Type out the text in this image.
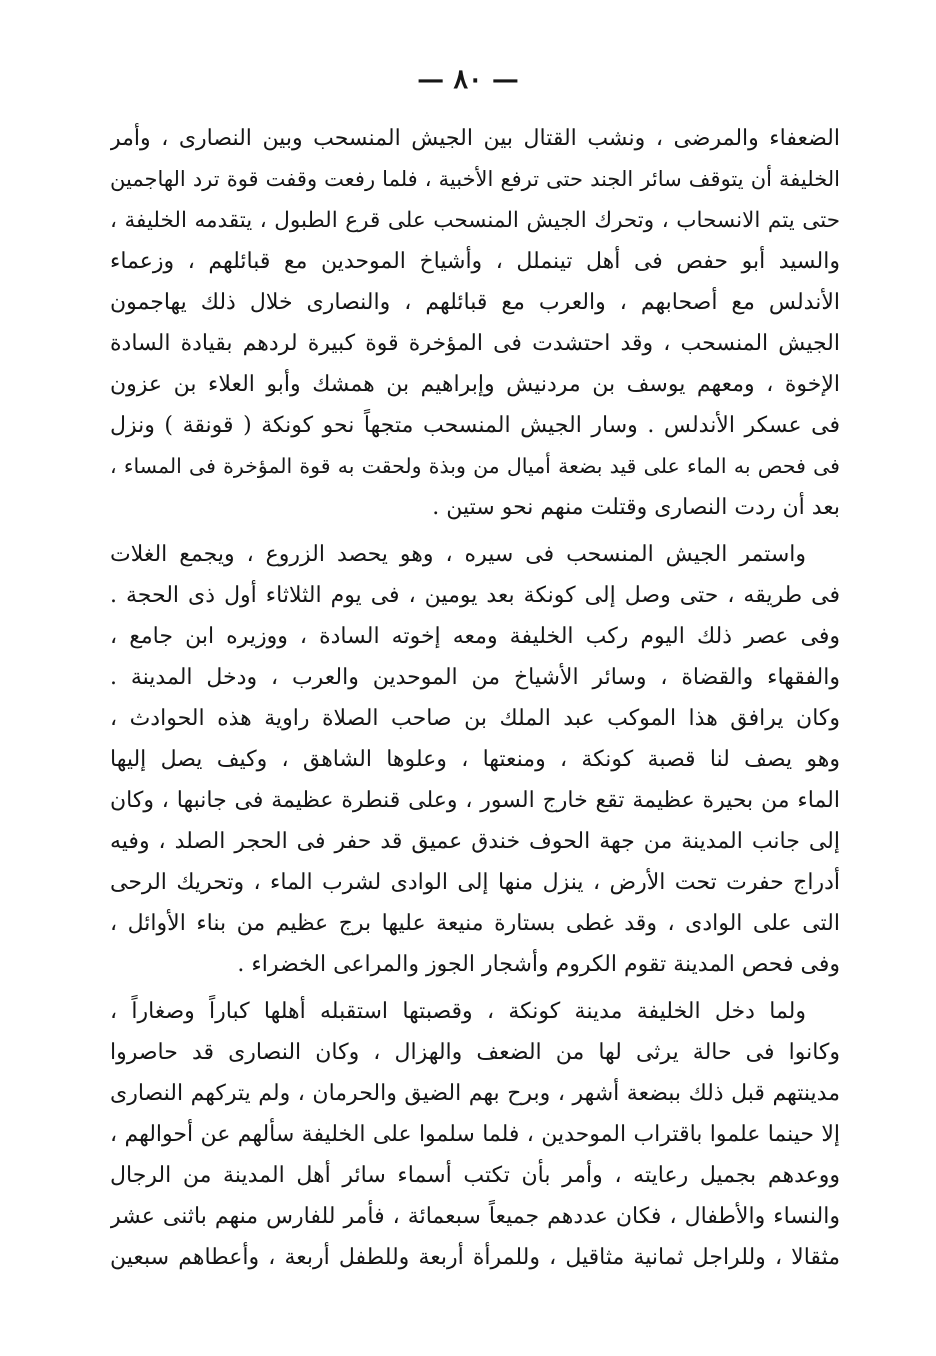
— ٨٠ —
الضعفاء والمرضى ، ونشب القتال بين الجيش المنسحب وبين النصارى ، وأمر
الخليفة أن يتوقف سائر الجند حتى ترفع الأخبية ، فلما رفعت وقفت قوة ترد الهاجمين
حتى يتم الانسحاب ، وتحرك الجيش المنسحب على قرع الطبول ، يتقدمه الخليفة ،
والسيد أبو حفص فى أهل تينملل ، وأشياخ الموحدين مع قبائلهم ، وزعماء
الأندلس مع أصحابهم ، والعرب مع قبائلهم ، والنصارى خلال ذلك يهاجمون
الجيش المنسحب ، وقد احتشدت فى المؤخرة قوة كبيرة لردهم بقيادة السادة
الإخوة ، ومعهم يوسف بن مردنيش وإبراهيم بن همشك وأبو العلاء بن عزون
فى عسكر الأندلس . وسار الجيش المنسحب متجهاً نحو كونكة ( قونقة ) ونزل
فى فحص به الماء على قيد بضعة أميال من وبذة ولحقت به قوة المؤخرة فى المساء ،
بعد أن ردت النصارى وقتلت منهم نحو ستين .
واستمر الجيش المنسحب فى سيره ، وهو يحصد الزروع ، ويجمع الغلات
فى طريقه ، حتى وصل إلى كونكة بعد يومين ، فى يوم الثلاثاء أول ذى الحجة .
وفى عصر ذلك اليوم ركب الخليفة ومعه إخوته السادة ، ووزيره ابن جامع ،
والفقهاء والقضاة ، وسائر الأشياخ من الموحدين والعرب ، ودخل المدينة .
وكان يرافق هذا الموكب عبد الملك بن صاحب الصلاة راوية هذه الحوادث ،
وهو يصف لنا قصبة كونكة ، ومنعتها ، وعلوها الشاهق ، وكيف يصل إليها
الماء من بحيرة عظيمة تقع خارج السور ، وعلى قنطرة عظيمة فى جانبها ، وكان
إلى جانب المدينة من جهة الحوف خندق عميق قد حفر فى الحجر الصلد ، وفيه
أدراج حفرت تحت الأرض ، ينزل منها إلى الوادى لشرب الماء ، وتحريك الرحى
التى على الوادى ، وقد غطى بستارة منيعة عليها برج عظيم من بناء الأوائل ،
وفى فحص المدينة تقوم الكروم وأشجار الجوز والمراعى الخضراء .
ولما دخل الخليفة مدينة كونكة ، وقصبتها استقبله أهلها كباراً وصغاراً ،
وكانوا فى حالة يرثى لها من الضعف والهزال ، وكان النصارى قد حاصروا
مدينتهم قبل ذلك ببضعة أشهر ، وبرح بهم الضيق والحرمان ، ولم يتركهم النصارى
إلا حينما علموا باقتراب الموحدين ، فلما سلموا على الخليفة سألهم عن أحوالهم ،
ووعدهم بجميل رعايته ، وأمر بأن تكتب أسماء سائر أهل المدينة من الرجال
والنساء والأطفال ، فكان عددهم جميعاً سبعمائة ، فأمر للفارس منهم باثنى عشر
مثقالا ، وللراجل ثمانية مثاقيل ، وللمرأة أربعة وللطفل أربعة ، وأعطاهم سبعين
